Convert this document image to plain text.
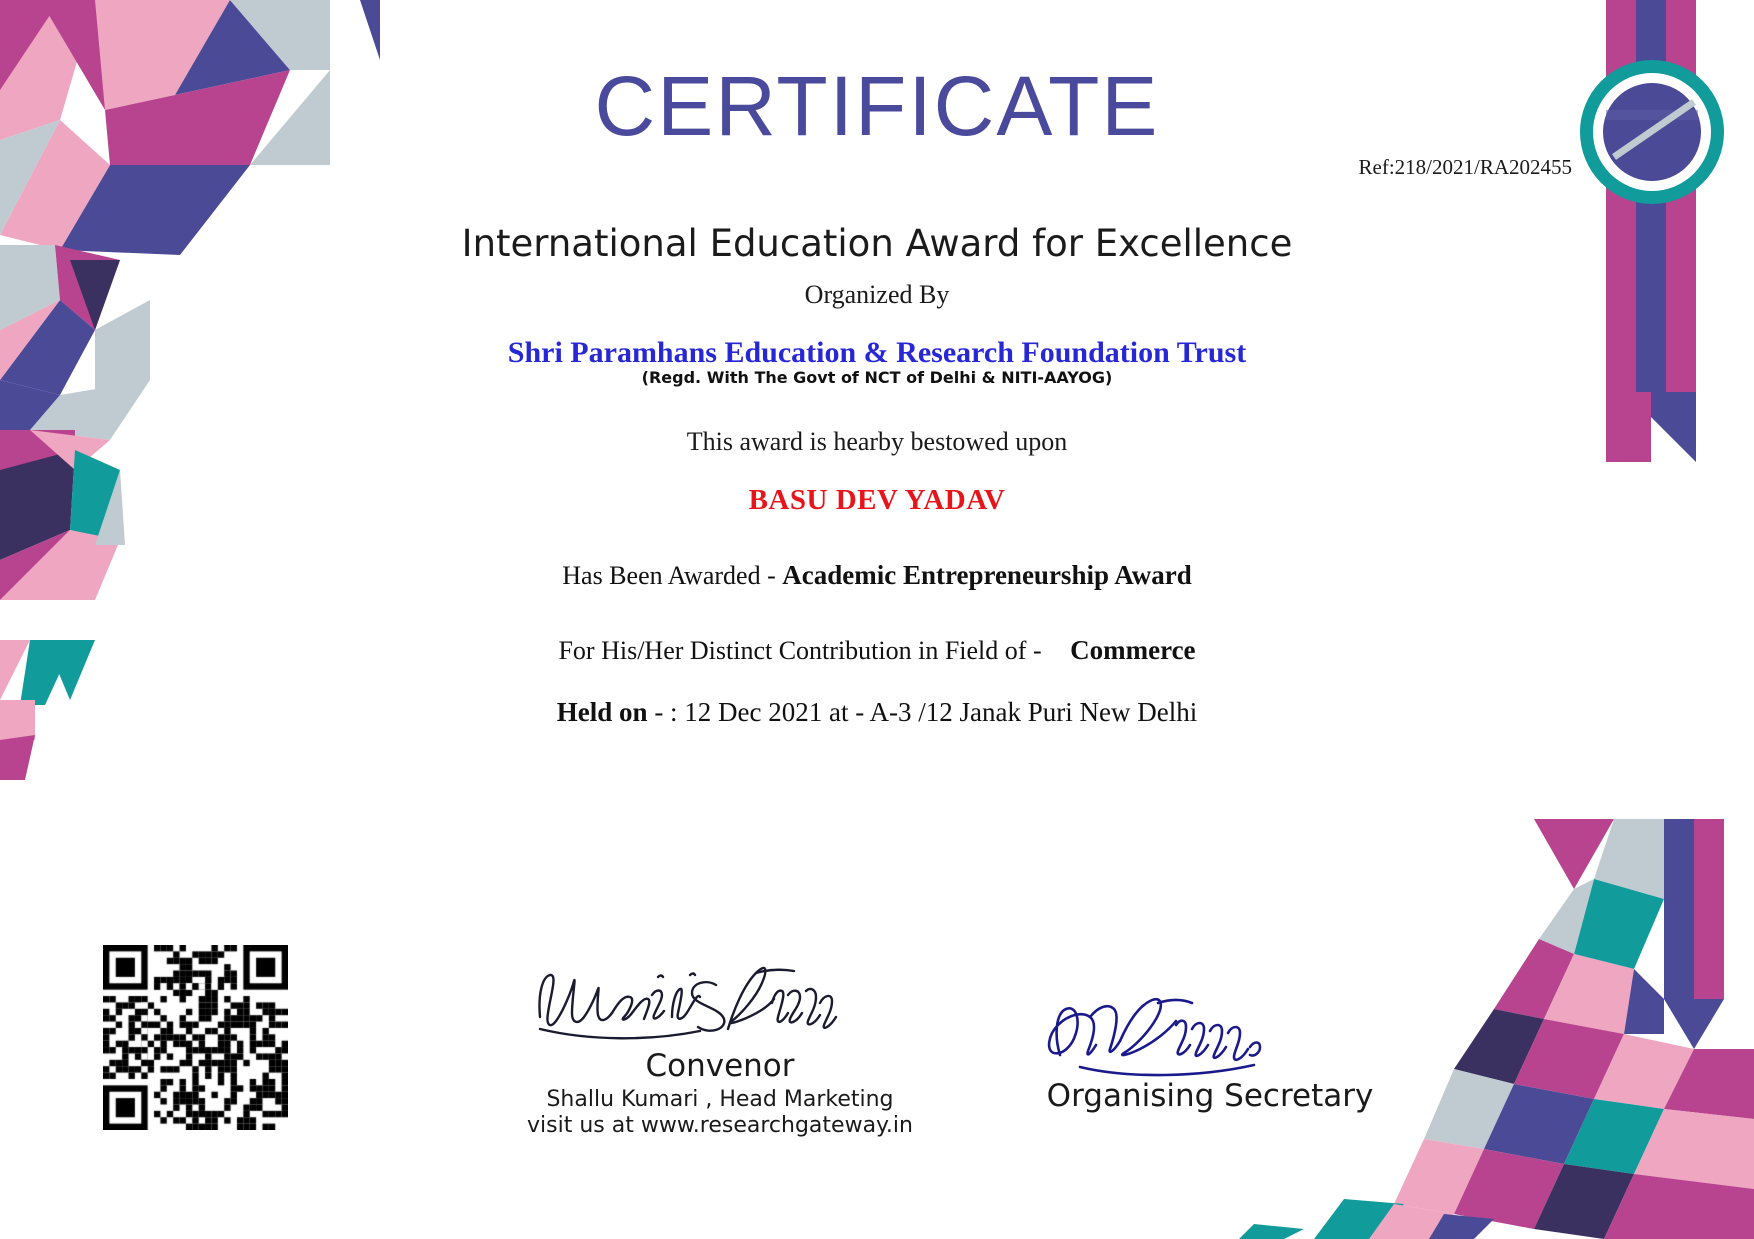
CERTIFICATE
Ref:218/2021/RA202455
International Education Award for Excellence
Organized By
Shri Paramhans Education & Research Foundation Trust
(Regd. With The Govt of NCT of Delhi & NITI-AAYOG)
This award is hearby bestowed upon
BASU DEV YADAV
Has Been Awarded - Academic Entrepreneurship Award
For His/Her Distinct Contribution in Field of - Commerce
Held on - : 12 Dec 2021 at - A-3 /12 Janak Puri New Delhi
Convenor
Shallu Kumari , Head Marketing
visit us at www.researchgateway.in
Organising Secretary
